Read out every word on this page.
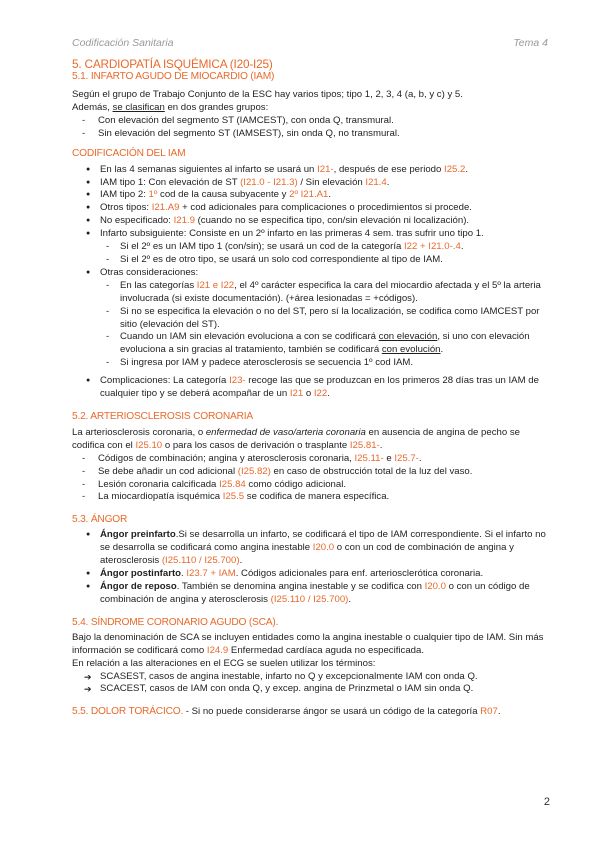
Codificación Sanitaria	Tema 4
5. CARDIOPATÍA ISQUÉMICA (I20-I25)
5.1. INFARTO AGUDO DE MIOCARDIO (IAM)

Según el grupo de Trabajo Conjunto de la ESC hay varios tipos; tipo 1, 2, 3, 4 (a, b, y c) y 5.

Además, se clasifican en dos grandes grupos:

- Con elevación del segmento ST (IAMCEST), con onda Q, transmural.
- Sin elevación del segmento ST (IAMSEST), sin onda Q, no transmural.
CODIFICACIÓN DEL IAM
● En las 4 semanas siguientes al infarto se usará un I21-, después de ese periodo I25.2.
● IAM tipo 1: Con elevación de ST (I21.0 - I21.3) / Sin elevación I21.4.
● IAM tipo 2: 1º cod de la causa subyacente y 2º I21.A1.
● Otros tipos: I21.A9 + cod adicionales para complicaciones o procedimientos si procede.
● No especificado: I21.9 (cuando no se especifica tipo, con/sin elevación ni localización).
● Infarto subsiguiente: Consiste en un 2º infarto en las primeras 4 sem. tras sufrir uno tipo 1.
- Si el 2º es un IAM tipo 1 (con/sin); se usará un cod de la categoría I22 + I21.0-.4.
- Si el 2º es de otro tipo, se usará un solo cod correspondiente al tipo de IAM.
● Otras consideraciones:
- En las categorías I21 e I22, el 4º carácter especifica la cara del miocardio afectada y el 5º la arteria involucrada (si existe documentación). (+área lesionadas = +códigos).
- Si no se especifica la elevación o no del ST, pero sí la localización, se codifica como IAMCEST por sitio (elevación del ST).
- Cuando un IAM sin elevación evoluciona a con se codificará con elevación, si uno con elevación evoluciona a sin gracias al tratamiento, también se codificará con evolución.
- Si ingresa por IAM y padece aterosclerosis se secuencia 1º cod IAM.
● Complicaciones: La categoría I23- recoge las que se produzcan en los primeros 28 días tras un IAM de cualquier tipo y se deberá acompañar de un I21 o I22.
5.2. ARTERIOSCLEROSIS CORONARIA

La arteriosclerosis coronaria, o enfermedad de vaso/arteria coronaria en ausencia de angina de pecho se codifica con el I25.10 o para los casos de derivación o trasplante I25.81-.

- Códigos de combinación; angina y aterosclerosis coronaria, I25.11- e I25.7-.
- Se debe añadir un cod adicional (I25.82) en caso de obstrucción total de la luz del vaso.
- Lesión coronaria calcificada I25.84 como código adicional.
- La miocardiopatía isquémica I25.5 se codifica de manera específica.
5.3. ÁNGOR
● Ángor preinfarto.Si se desarrolla un infarto, se codificará el tipo de IAM correspondiente. Si el infarto no se desarrolla se codificará como angina inestable I20.0 o con un cod de combinación de angina y aterosclerosis (I25.110 / I25.700).
● Ángor postinfarto. I23.7 + IAM. Códigos adicionales para enf. arteriosclerótica coronaria.
● Ángor de reposo. También se denomina angina inestable y se codifica con I20.0 o con un código de combinación de angina y aterosclerosis (I25.110 / I25.700).
5.4. SÍNDROME CORONARIO AGUDO (SCA).

Bajo la denominación de SCA se incluyen entidades como la angina inestable o cualquier tipo de IAM. Sin más información se codificará como I24.9 Enfermedad cardíaca aguda no especificada.

En relación a las alteraciones en el ECG se suelen utilizar los términos:

➔ SCASEST, casos de angina inestable, infarto no Q y excepcionalmente IAM con onda Q.
➔ SCACEST, casos de IAM con onda Q, y excep. angina de Prinzmetal o IAM sin onda Q.

5.5. DOLOR TORÁCICO. - Si no puede considerarse ángor se usará un código de la categoría R07.

2
